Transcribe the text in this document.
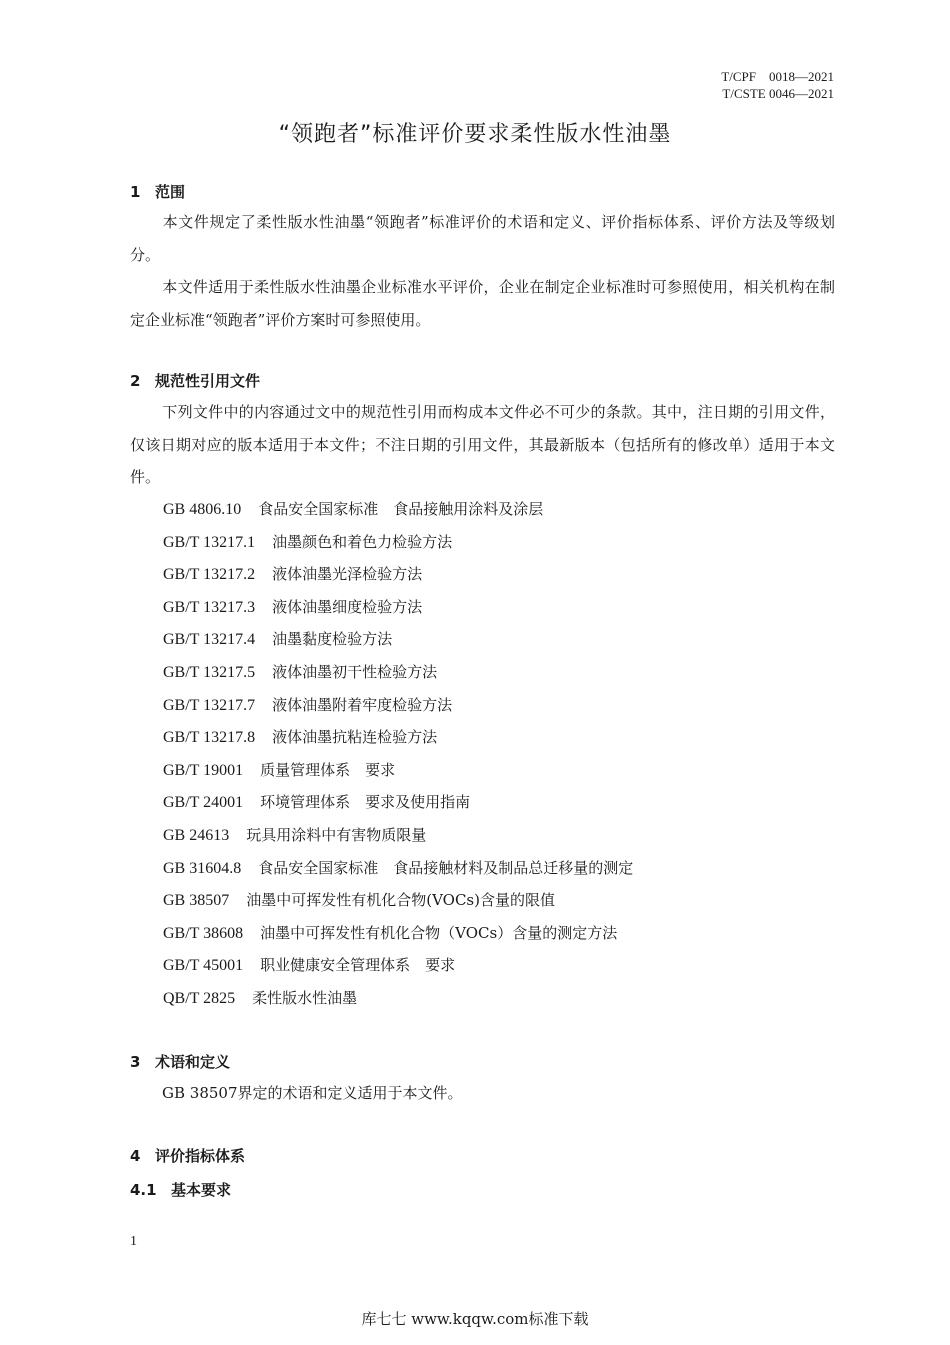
T/CPF　0018—2021
T/CSTE 0046—2021
“领跑者”标准评价要求柔性版水性油墨
1 范围
本文件规定了柔性版水性油墨“领跑者”标准评价的术语和定义、评价指标体系、评价方法及等级划分。
本文件适用于柔性版水性油墨企业标准水平评价，企业在制定企业标准时可参照使用，相关机构在制定企业标准“领跑者”评价方案时可参照使用。
2 规范性引用文件
下列文件中的内容通过文中的规范性引用而构成本文件必不可少的条款。其中，注日期的引用文件，仅该日期对应的版本适用于本文件；不注日期的引用文件，其最新版本（包括所有的修改单）适用于本文件。
GB 4806.10 食品安全国家标准　食品接触用涂料及涂层
GB/T 13217.1 油墨颜色和着色力检验方法
GB/T 13217.2 液体油墨光泽检验方法
GB/T 13217.3 液体油墨细度检验方法
GB/T 13217.4 油墨黏度检验方法
GB/T 13217.5 液体油墨初干性检验方法
GB/T 13217.7 液体油墨附着牢度检验方法
GB/T 13217.8 液体油墨抗粘连检验方法
GB/T 19001 质量管理体系　要求
GB/T 24001 环境管理体系　要求及使用指南
GB 24613 玩具用涂料中有害物质限量
GB 31604.8 食品安全国家标准　食品接触材料及制品总迁移量的测定
GB 38507 油墨中可挥发性有机化合物(VOCs)含量的限值
GB/T 38608 油墨中可挥发性有机化合物（VOCs）含量的测定方法
GB/T 45001 职业健康安全管理体系　要求
QB/T 2825 柔性版水性油墨
3 术语和定义
GB 38507界定的术语和定义适用于本文件。
4 评价指标体系
4.1 基本要求
1
库七七 www.kqqw.com标准下载
